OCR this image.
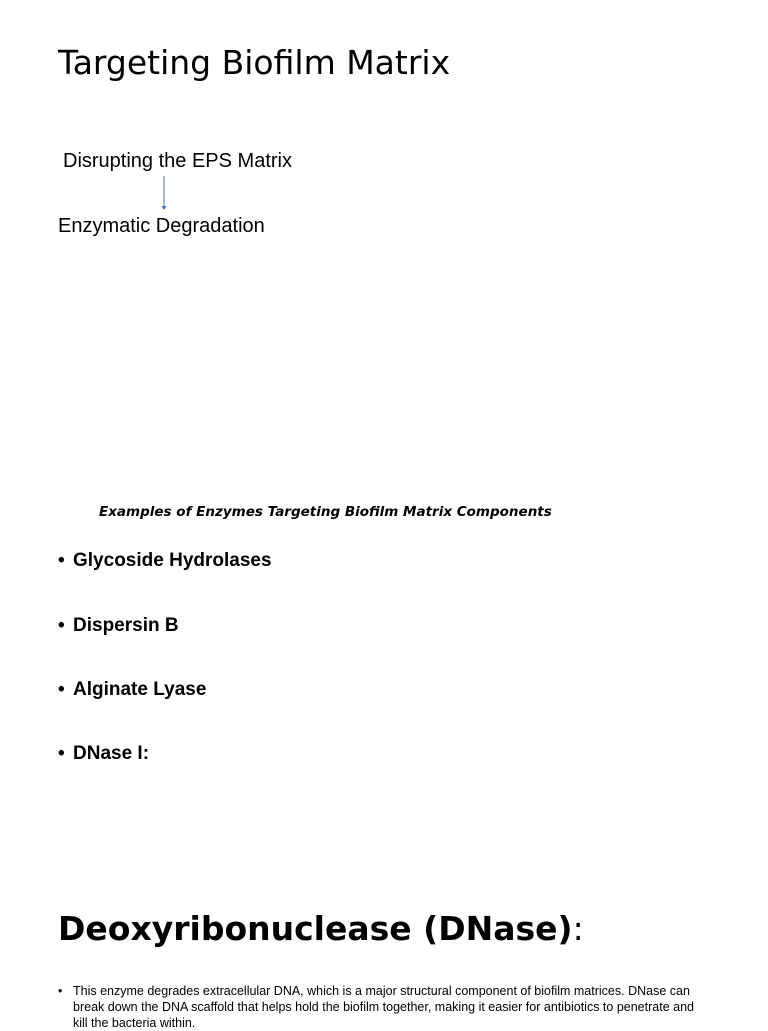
Targeting Biofilm Matrix
Disrupting the EPS Matrix
Enzymatic Degradation
Examples of Enzymes Targeting Biofilm Matrix Components
• Glycoside Hydrolases
• Dispersin B
• Alginate Lyase
• DNase I:
Deoxyribonuclease (DNase):
• This enzyme degrades extracellular DNA, which is a major structural component of biofilm matrices. DNase can break down the DNA scaffold that helps hold the biofilm together, making it easier for antibiotics to penetrate and kill the bacteria within.
